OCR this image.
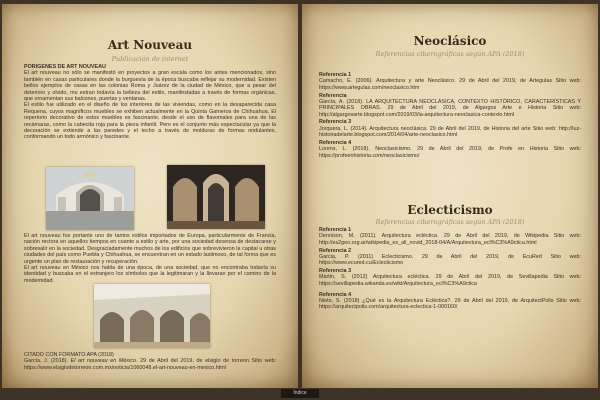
Art Nouveau

Publicación de internet

PORIGENES DE ART NOUVEAU
El art nouveau no sólo se manifestó en proyectos a gran escala como los antes mencionados, sino también en casas particulares donde la burguesía de la época buscaba reflejar su modernidad. Existen bellos ejemplos de casas en las colonias Roma y Juárez de la ciudad de México, que a pesar del deterioro y olvido, mu estran todavía la belleza del estilo, manifestadas a través de formas orgánicas, que ornamentan sus balcones, puertas y ventanas.
El estilo fue utilizado en el diseño de los interiores de las viviendas, como en la desaparecida casa Requena, cuyos magníficos muebles se exhiben actualmente en la Quinta Gameros de Chihuahua. El repertorio decorativo de estos muebles es fascinante, desde el uso de flavomales para una de las recámaras, como la cabecita roja para la pieza infantil. Pero es el conjunto más espectacular ya que la decoración se extiende a las paredes y el techo a través de molduras de formas ondulantes, conformando un todo armónico y fascinante.
El art nouveau fue portante uno de tantos estilos importados de Europa, particularmente de Francia, nación rectora en aquellos tiempos en cuanto a estilo y arte, por una sociedad deseosa de destacarse y sobresalir en la sociedad. Desgraciadamente muchos de los edificios que sobrevivieron la capital u otras ciudades del país como Puebla y Chihuahua, se encuentran en un estado lastimoso, de tal forma que es urgente un plan de restauración y recuperación.
El art nouveau en México nos habla de una época, de una sociedad, que no encontraba todavía su identidad y buscaba en el extranjero los símbolos que la legitimaran y la llevaran por el camino de la modernidad.
CITADO CON FORMATO APA (2018)
Garcia, J. (2018). El art nouveau en México. 29 de Abril del 2019, de elsiglo de torreon Sitio web: https://www.elsiglodetorreon.com.mx/noticia/1060048.el-art-nouveau-en-mexico.html
Neoclásico

Referencias ciberográficas según APA (2018)

Referencia 1
Camacho, E. (2006). Arquitectura y arte Neoclásico. 29 de Abril del 2019, de Artegulas Sitio web: https://www.artegulas.com/neoclasico.htm
Referencia
García, A. (2018). LA ARQUITECTURA NEOCLÁSICA, CONTEXTO HISTÓRICO, CARACTERÍSTICAS Y PRINCIPALES OBRAS. 29 de Abril del 2019, de Algargos Arte e Historia Sitio web: http://algargosarte.blogspot.com/2019/03/la-arquitectura-neoclasica-contexto.html
Referencia 3
Jorquera, L. (2014). Arquitectura neoclásica. 29 de Abril del 2019, de Historia del arte Sitio web: http://luz-historiadelarte.blogspot.com/2014/04/arte-neoclasico.html
Referencia 4
Lorens, L. (2018). Neoclasicismo. 29 de Abril del 2019, de Profe en Historia Sitio web: https://profeenhistoria.com/neoclasicismo/
Eclecticismo

Referencias ciberográficas según APA (2018)

Referencia 1
Dennison, M. (2011). Arquitectura ecléctica. 29 de Abril del 2019, de Wikipedia Sitio web: http://es2geo.org.ar/wikipedia_es_all_novid_2018-04/A/Arquitectura_ecl%C3%A9ctica.html
Referencia 2
Garcia, P. (2011) Eclecticismo. 29 de Abril del 2019, de EcuRed Sitio web: https://www.ecured.cu/Eclecticismo
Referencia 3
Martin, S. (2012) Arquitectura ecléctica. 29 de Abril del 2019, de Sevillapedia Sitio web: https://sevillapedia.wikanda.es/wiki/Arquitectura_ecl%C3%A9ctica
Referencia 4
Nieto, S. (2018) ¿Qué es la Arquitectura Ecléctica?. 29 de Abril del 2019, de ArquitectPolis Sitio web: https://arquitectpolis.com/arquitectura-eclectica-1-000160/
Índice
